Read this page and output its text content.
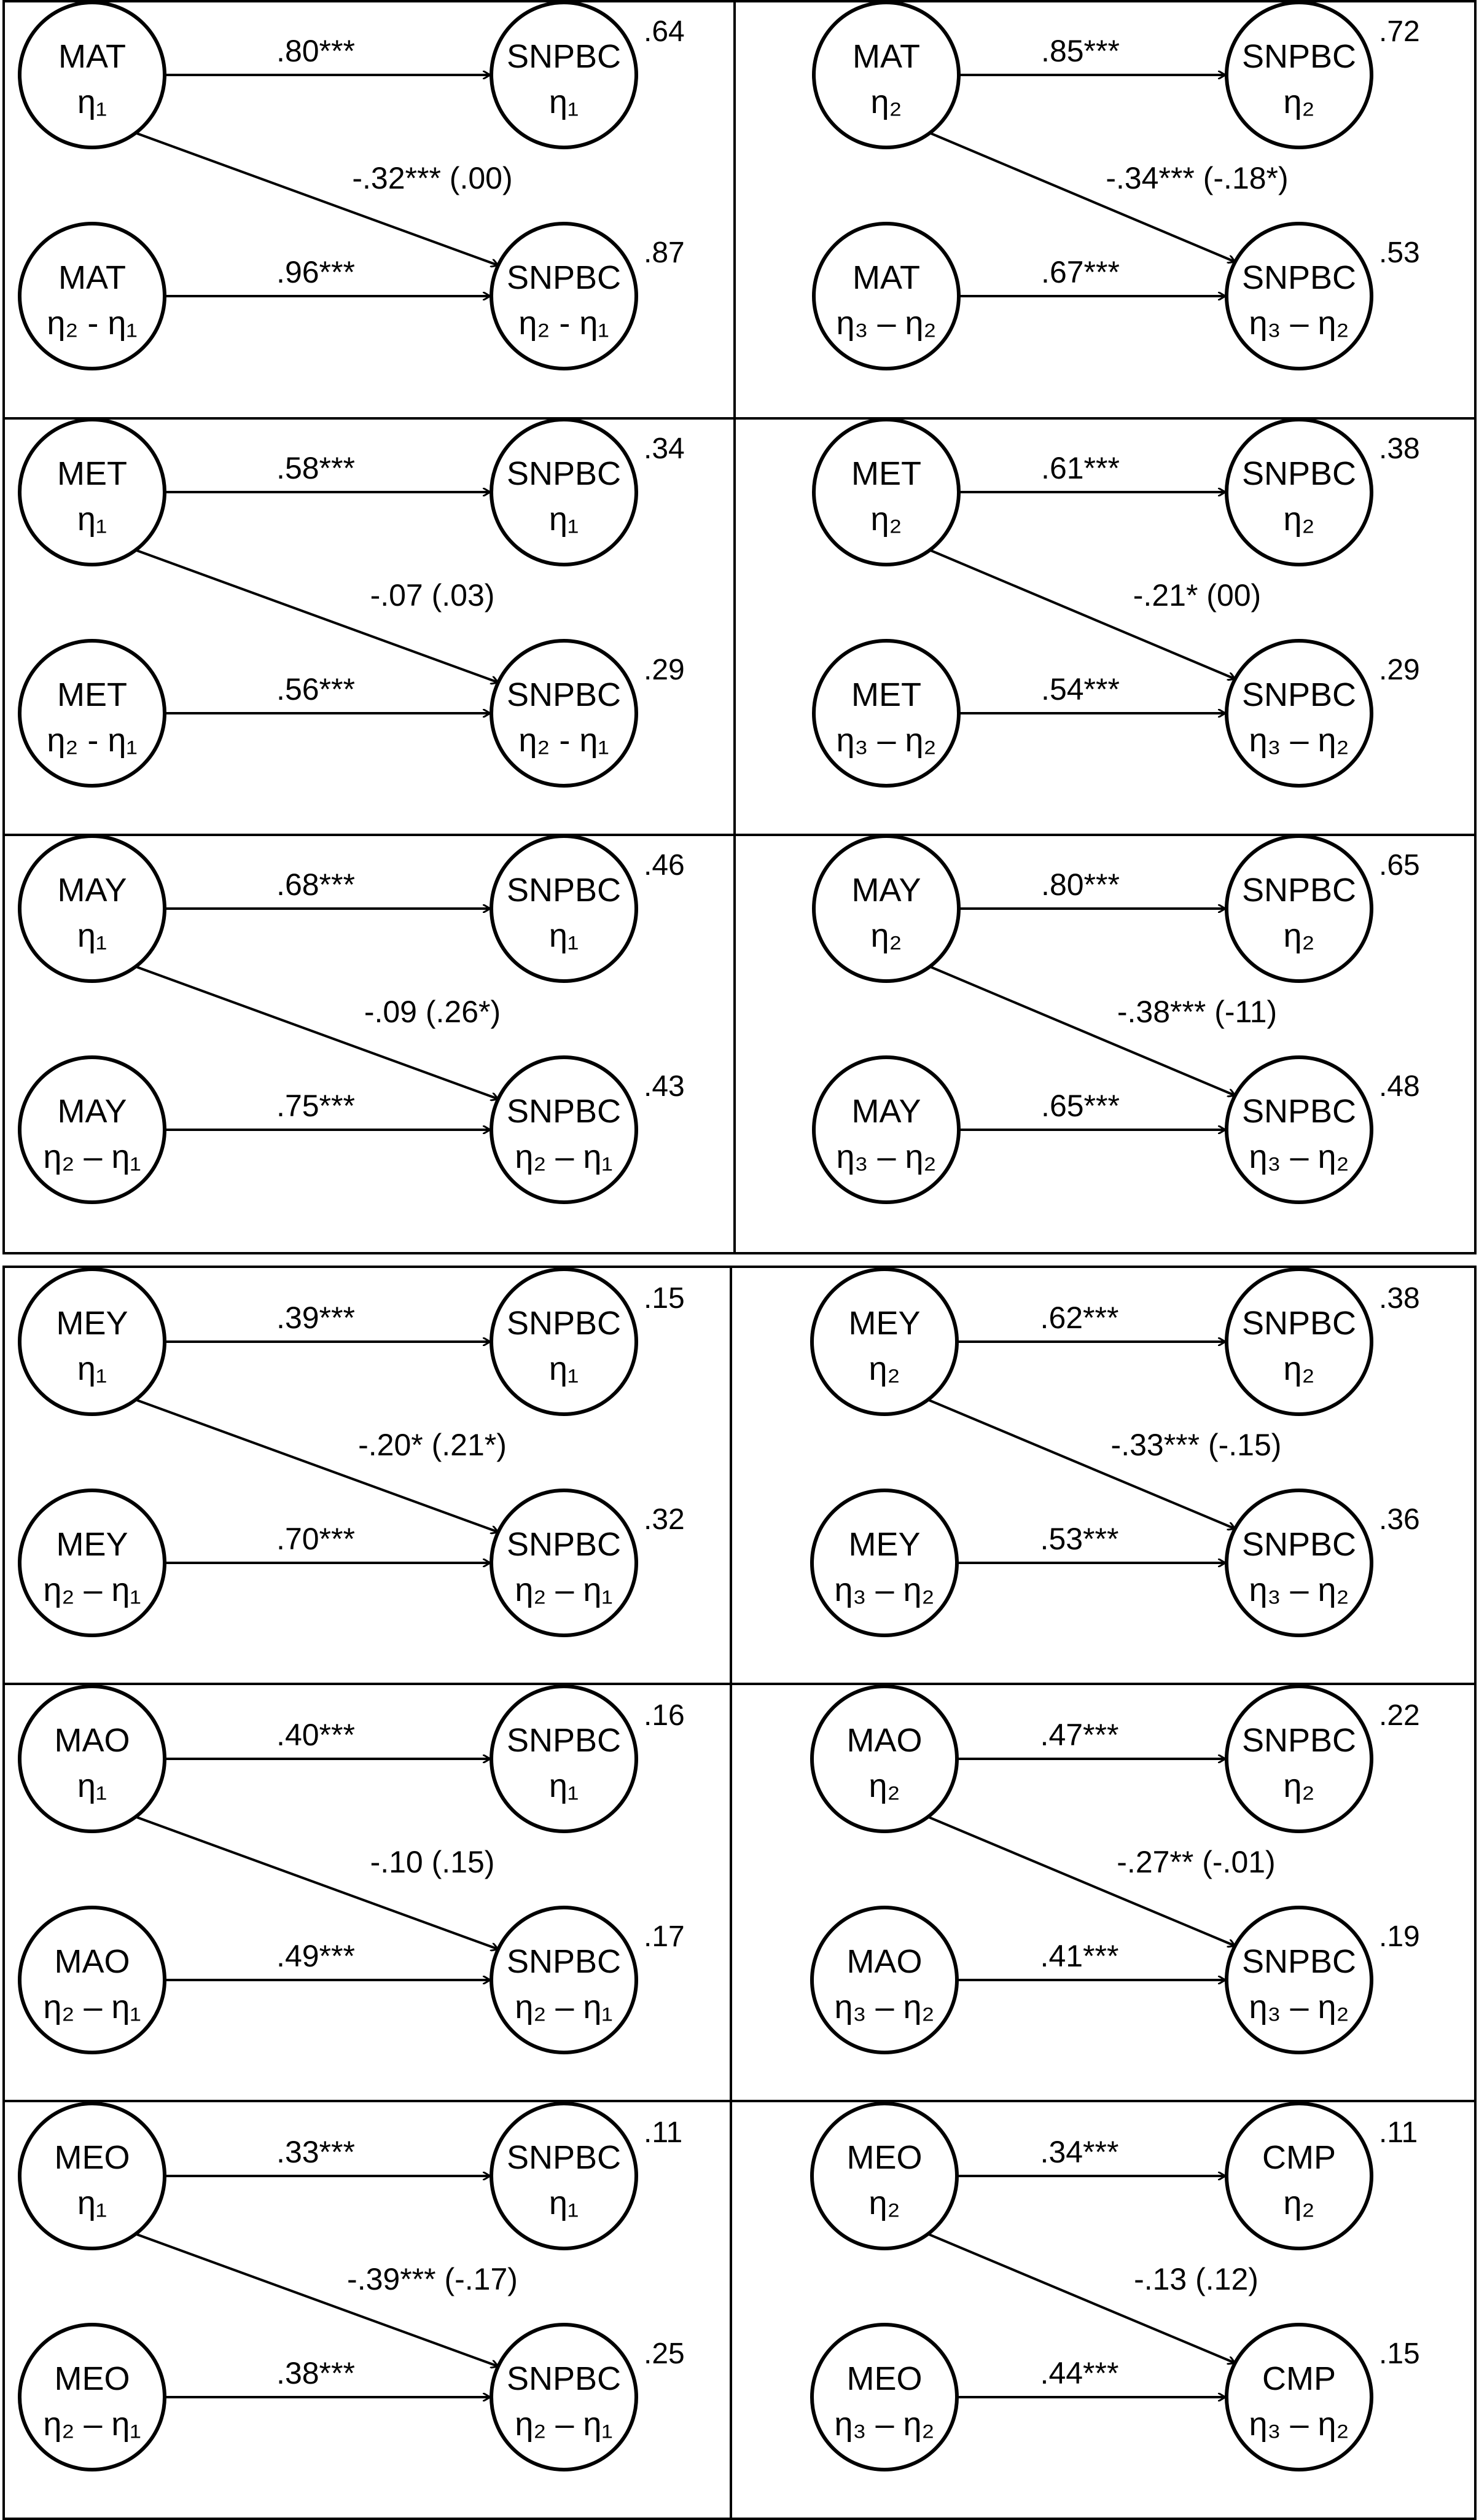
MAT
η₁
SNPBC
η₁
MAT
η₂ - η₁
SNPBC
η₂ - η₁
.80***
.96***
-.32*** (.00)
.64
.87
MAT
η₂
SNPBC
η₂
MAT
η₃ – η₂
SNPBC
η₃ – η₂
.85***
.67***
-.34*** (-.18*)
.72
.53
MET
η₁
SNPBC
η₁
MET
η₂ - η₁
SNPBC
η₂ - η₁
.58***
.56***
-.07 (.03)
.34
.29
MET
η₂
SNPBC
η₂
MET
η₃ – η₂
SNPBC
η₃ – η₂
.61***
.54***
-.21* (00)
.38
.29
MAY
η₁
SNPBC
η₁
MAY
η₂ – η₁
SNPBC
η₂ – η₁
.68***
.75***
-.09 (.26*)
.46
.43
MAY
η₂
SNPBC
η₂
MAY
η₃ – η₂
SNPBC
η₃ – η₂
.80***
.65***
-.38*** (-11)
.65
.48
MEY
η₁
SNPBC
η₁
MEY
η₂ – η₁
SNPBC
η₂ – η₁
.39***
.70***
-.20* (.21*)
.15
.32
MEY
η₂
SNPBC
η₂
MEY
η₃ – η₂
SNPBC
η₃ – η₂
.62***
.53***
-.33*** (-.15)
.38
.36
MAO
η₁
SNPBC
η₁
MAO
η₂ – η₁
SNPBC
η₂ – η₁
.40***
.49***
-.10 (.15)
.16
.17
MAO
η₂
SNPBC
η₂
MAO
η₃ – η₂
SNPBC
η₃ – η₂
.47***
.41***
-.27** (-.01)
.22
.19
MEO
η₁
SNPBC
η₁
MEO
η₂ – η₁
SNPBC
η₂ – η₁
.33***
.38***
-.39*** (-.17)
.11
.25
MEO
η₂
CMP
η₂
MEO
η₃ – η₂
CMP
η₃ – η₂
.34***
.44***
-.13 (.12)
.11
.15
